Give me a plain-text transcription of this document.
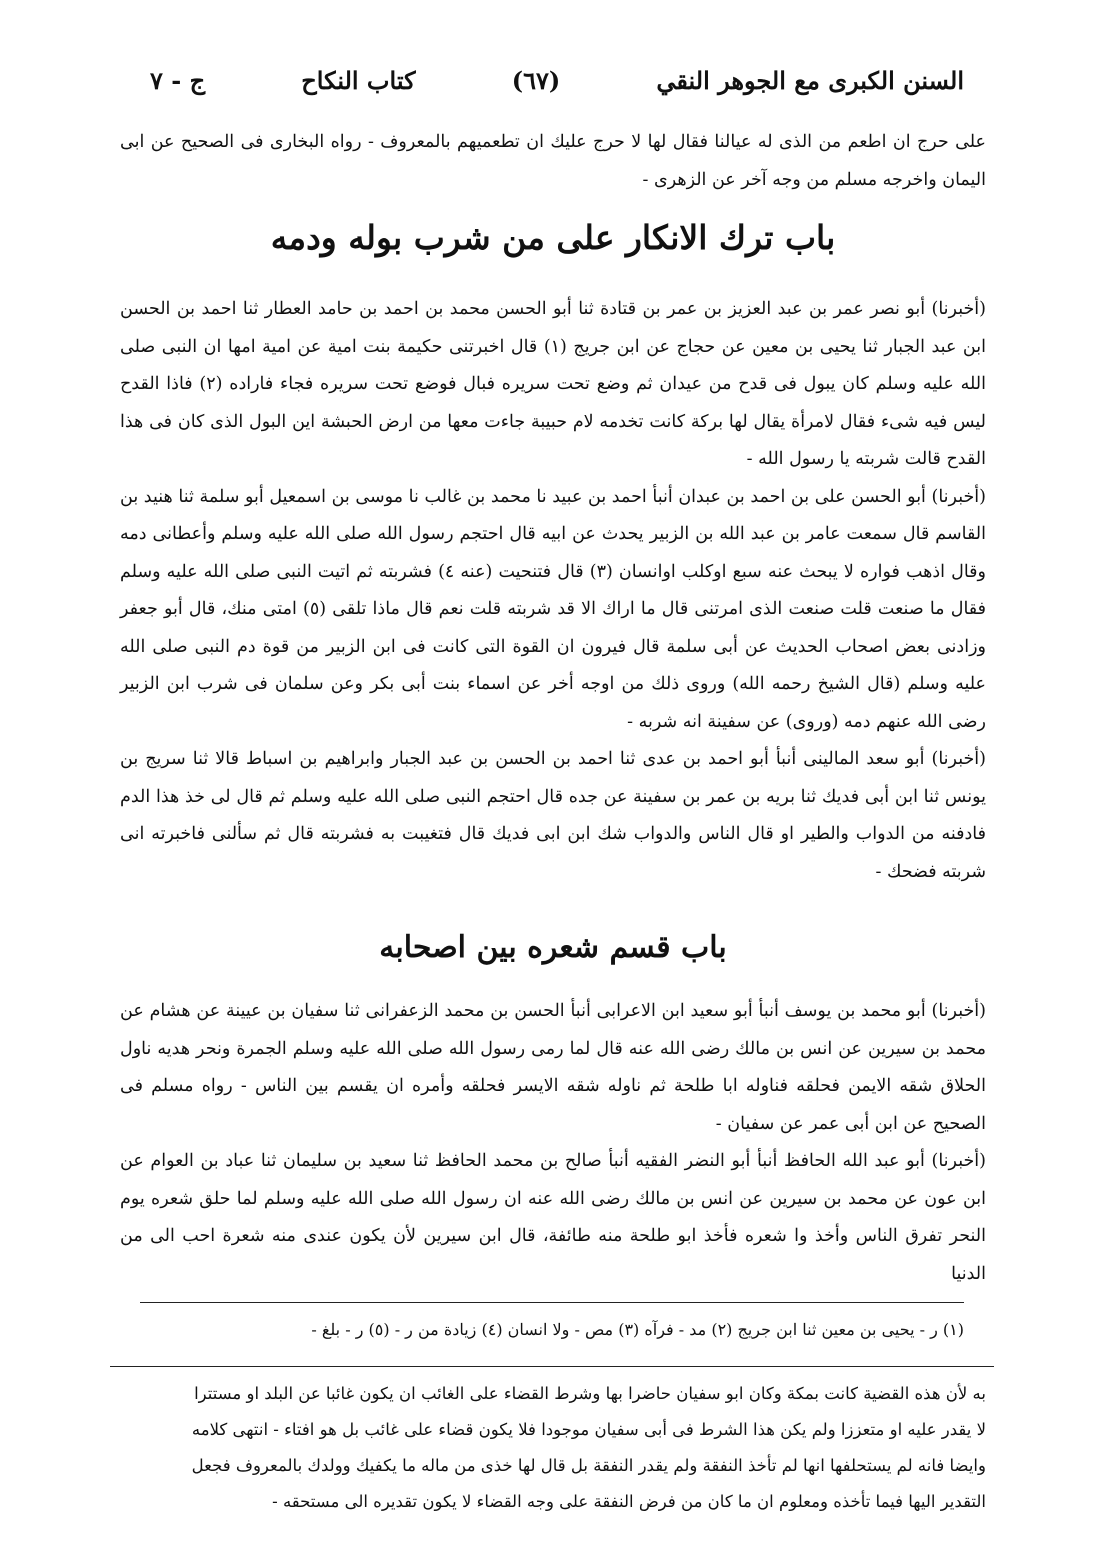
السنن الكبرى مع الجوهر النقي
(٦٧)
كتاب النكاح
ج - ٧

على حرج ان اطعم من الذى له عيالنا فقال لها لا حرج عليك ان تطعميهم بالمعروف - رواه البخارى فى الصحيح عن ابى اليمان واخرجه مسلم من وجه آخر عن الزهرى -

باب ترك الانكار على من شرب بوله ودمه

(أخبرنا) أبو نصر عمر بن عبد العزيز بن عمر بن قتادة ثنا أبو الحسن محمد بن احمد بن حامد العطار ثنا احمد بن الحسن ابن عبد الجبار ثنا يحيى بن معين عن حجاج عن ابن جريج (١) قال اخبرتنى حكيمة بنت امية عن امية امها ان النبى صلى الله عليه وسلم كان يبول فى قدح من عيدان ثم وضع تحت سريره فبال فوضع تحت سريره فجاء فاراده (٢) فاذا القدح ليس فيه شىء فقال لامرأة يقال لها بركة كانت تخدمه لام حبيبة جاءت معها من ارض الحبشة اين البول الذى كان فى هذا القدح قالت شربته يا رسول الله -

(أخبرنا) أبو الحسن على بن احمد بن عبدان أنبأ احمد بن عبيد نا محمد بن غالب نا موسى بن اسمعيل أبو سلمة ثنا هنيد بن القاسم قال سمعت عامر بن عبد الله بن الزبير يحدث عن ابيه قال احتجم رسول الله صلى الله عليه وسلم وأعطانى دمه وقال اذهب فواره لا يبحث عنه سبع اوكلب اوانسان (٣) قال فتنحيت (عنه ٤) فشربته ثم اتيت النبى صلى الله عليه وسلم فقال ما صنعت قلت صنعت الذى امرتنى قال ما اراك الا قد شربته قلت نعم قال ماذا تلقى (٥) امتى منك، قال أبو جعفر وزادنى بعض اصحاب الحديث عن أبى سلمة قال فيرون ان القوة التى كانت فى ابن الزبير من قوة دم النبى صلى الله عليه وسلم (قال الشيخ رحمه الله) وروى ذلك من اوجه أخر عن اسماء بنت أبى بكر وعن سلمان فى شرب ابن الزبير رضى الله عنهم دمه (وروى) عن سفينة انه شربه -

(أخبرنا) أبو سعد المالينى أنبأ أبو احمد بن عدى ثنا احمد بن الحسن بن عبد الجبار وابراهيم بن اسباط قالا ثنا سريج بن يونس ثنا ابن أبى فديك ثنا بريه بن عمر بن سفينة عن جده قال احتجم النبى صلى الله عليه وسلم ثم قال لى خذ هذا الدم فادفنه من الدواب والطير او قال الناس والدواب شك ابن ابى فديك قال فتغيبت به فشربته قال ثم سألنى فاخبرته انى شربته فضحك -

باب قسم شعره بين اصحابه

(أخبرنا) أبو محمد بن يوسف أنبأ أبو سعيد ابن الاعرابى أنبأ الحسن بن محمد الزعفرانى ثنا سفيان بن عيينة عن هشام عن محمد بن سيرين عن انس بن مالك رضى الله عنه قال لما رمى رسول الله صلى الله عليه وسلم الجمرة ونحر هديه ناول الحلاق شقه الايمن فحلقه فناوله ابا طلحة ثم ناوله شقه الايسر فحلقه وأمره ان يقسم بين الناس - رواه مسلم فى الصحيح عن ابن أبى عمر عن سفيان -

(أخبرنا) أبو عبد الله الحافظ أنبأ أبو النضر الفقيه أنبأ صالح بن محمد الحافظ ثنا سعيد بن سليمان ثنا عباد بن العوام عن ابن عون عن محمد بن سيرين عن انس بن مالك رضى الله عنه ان رسول الله صلى الله عليه وسلم لما حلق شعره يوم النحر تفرق الناس وأخذ وا شعره فأخذ ابو طلحة منه طائفة، قال ابن سيرين لأن يكون عندى منه شعرة احب الى من الدنيا

(١) ر - يحيى بن معين ثنا ابن جريج (٢) مد - فرآه (٣) مص - ولا انسان (٤) زيادة من ر - (٥) ر - بلغ -

به لأن هذه القضية كانت بمكة وكان ابو سفيان حاضرا بها وشرط القضاء على الغائب ان يكون غائبا عن البلد او مستترا

لا يقدر عليه او متعززا ولم يكن هذا الشرط فى أبى سفيان موجودا فلا يكون قضاء على غائب بل هو افتاء - انتهى كلامه

وايضا فانه لم يستحلفها انها لم تأخذ النفقة ولم يقدر النفقة بل قال لها خذى من ماله ما يكفيك وولدك بالمعروف فجعل

التقدير اليها فيما تأخذه ومعلوم ان ما كان من فرض النفقة على وجه القضاء لا يكون تقديره الى مستحقه -
